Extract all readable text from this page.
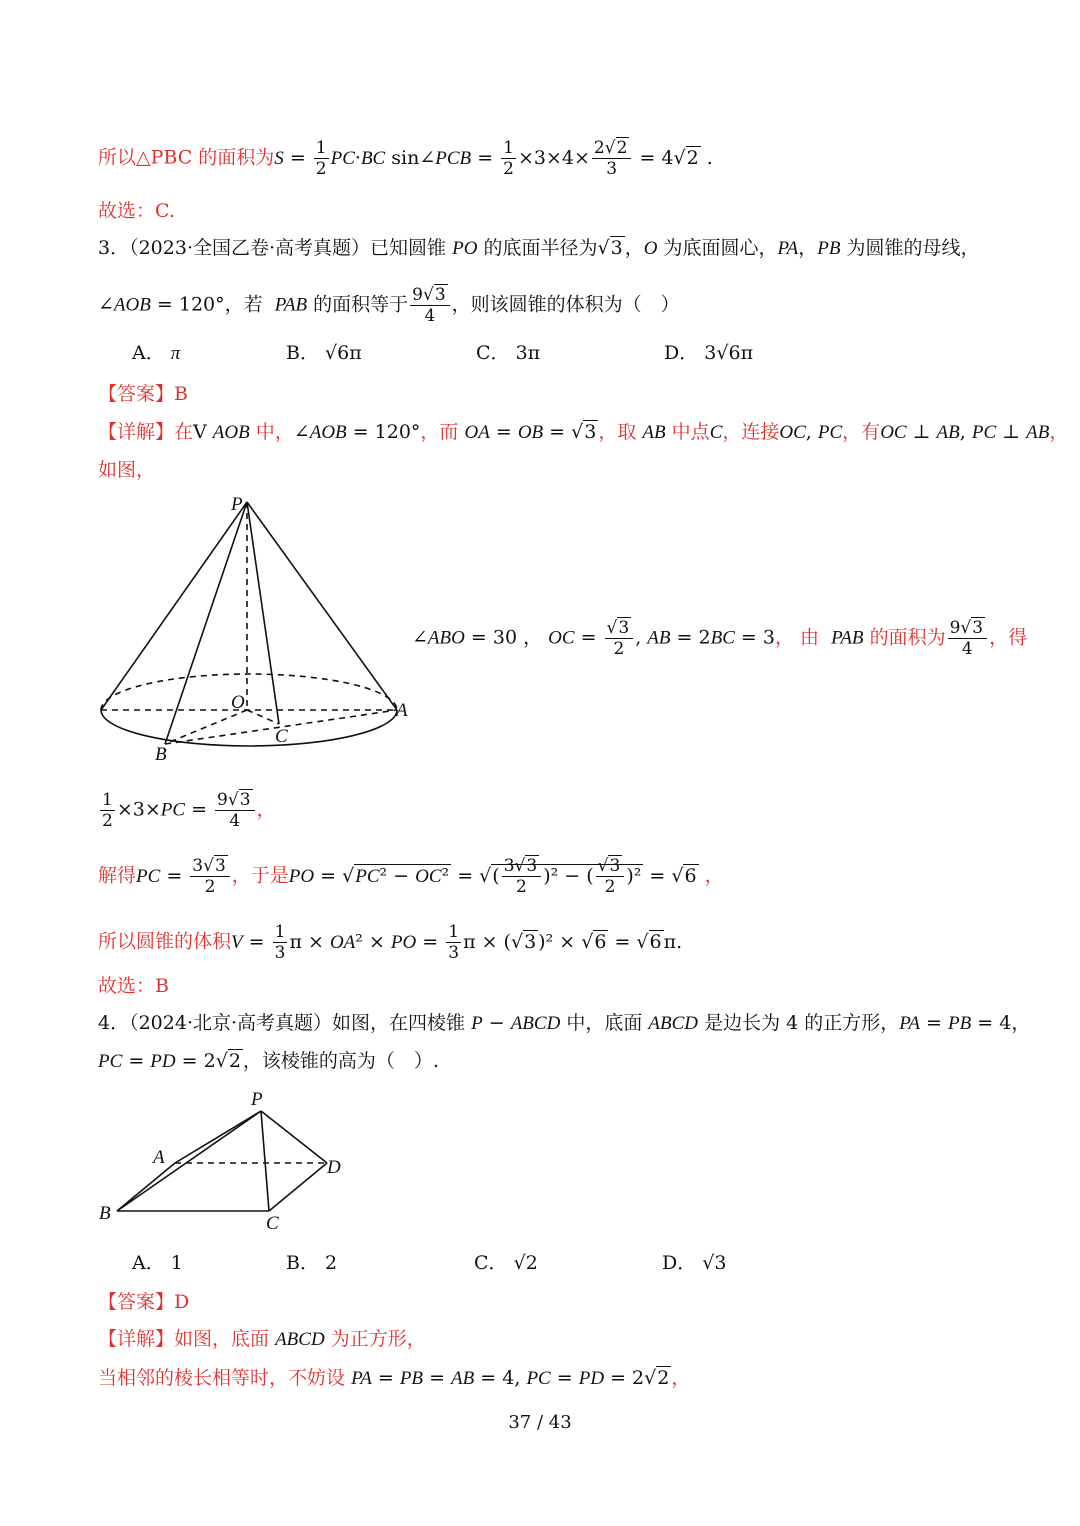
所以△PBC 的面积为$S = \frac{1}{2} PC\cdot BC$ sin∠PCB = $\frac{1}{2} \times 3\times 4\times \frac{2√2}{3} = 4√2$ .
故选：C.
3．（2023·全国乙卷·高考真题）已知圆锥 PO 的底面半径为√3 ，O 为底面圆心，PA，PB 为圆锥的母线，
∠AOB = 120°，若 PAB 的面积等于 $\frac{9√3}{4}$ ，则该圆锥的体积为（　）
A． π	B． √6π	C． 3π	D． 3√6π
【答案】B
【详解】在V AOB 中，∠AOB = 120°，而 OA = OB = √3 ，取 AB 中点C，连接OC, PC，有OC ⊥ AB, PC ⊥ AB，
如图，
P
O	A
B
C
∠ABO = 30 ， OC = $\frac{√3}{2}$ , AB = 2BC = 3， 由 PAB 的面积为 $\frac{9√3}{4}$ ，得
$\frac{1}{2} \times 3\times PC = \frac{9√3}{4}$ ，
解得PC = $\frac{3√3}{2}$ ，于是PO = √PC² − OC² = √( $\frac{3√3}{2} )^2$ − ( $\frac{√3}{2} )^2 = √6$ ，
所以圆锥的体积$V = \frac{1}{3}$ π × OA² × PO = $\frac{1}{3}$ π × (√3 )² × √6 = √6 π.
故选：B
4．（2024·北京·高考真题）如图，在四棱锥 P − ABCD 中，底面 ABCD 是边长为 4 的正方形，PA = PB = 4，
PC = PD = 2√2 ，该棱锥的高为（　）.
P
A
B	C
D
A． 1	B． 2	C． √2	D． √3
【答案】D
【详解】如图，底面 ABCD 为正方形，
当相邻的棱长相等时，不妨设 PA = PB = AB = 4, PC = PD = 2√2 ，
37 / 43
